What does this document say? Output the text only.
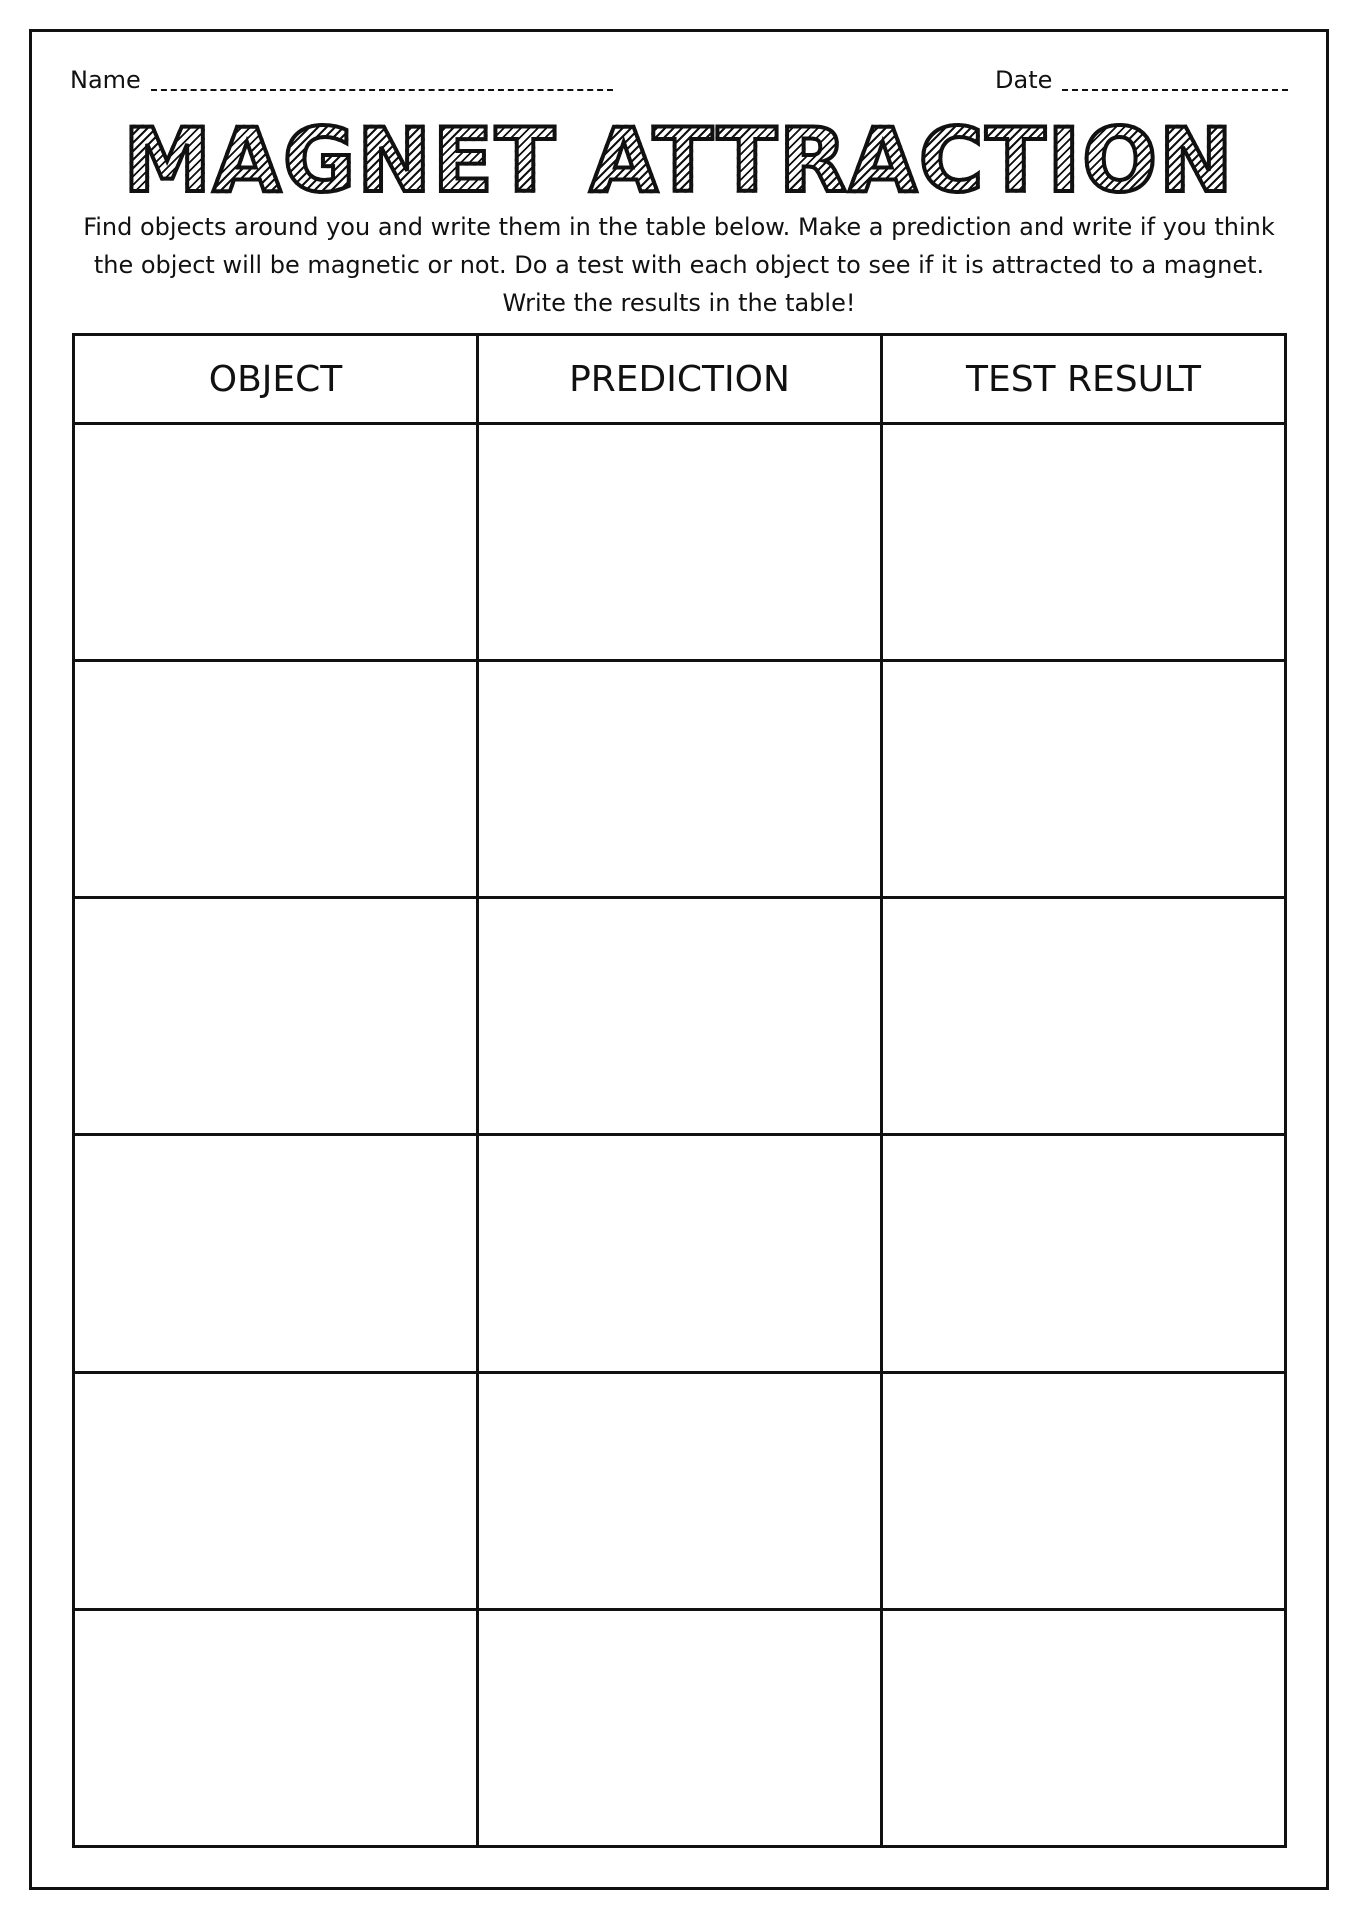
Name	Date
MAGNET ATTRACTION

Find objects around you and write them in the table below. Make a prediction and write if you think
the object will be magnetic or not. Do a test with each object to see if it is attracted to a magnet.
Write the results in the table!

OBJECT	PREDICTION	TEST RESULT
